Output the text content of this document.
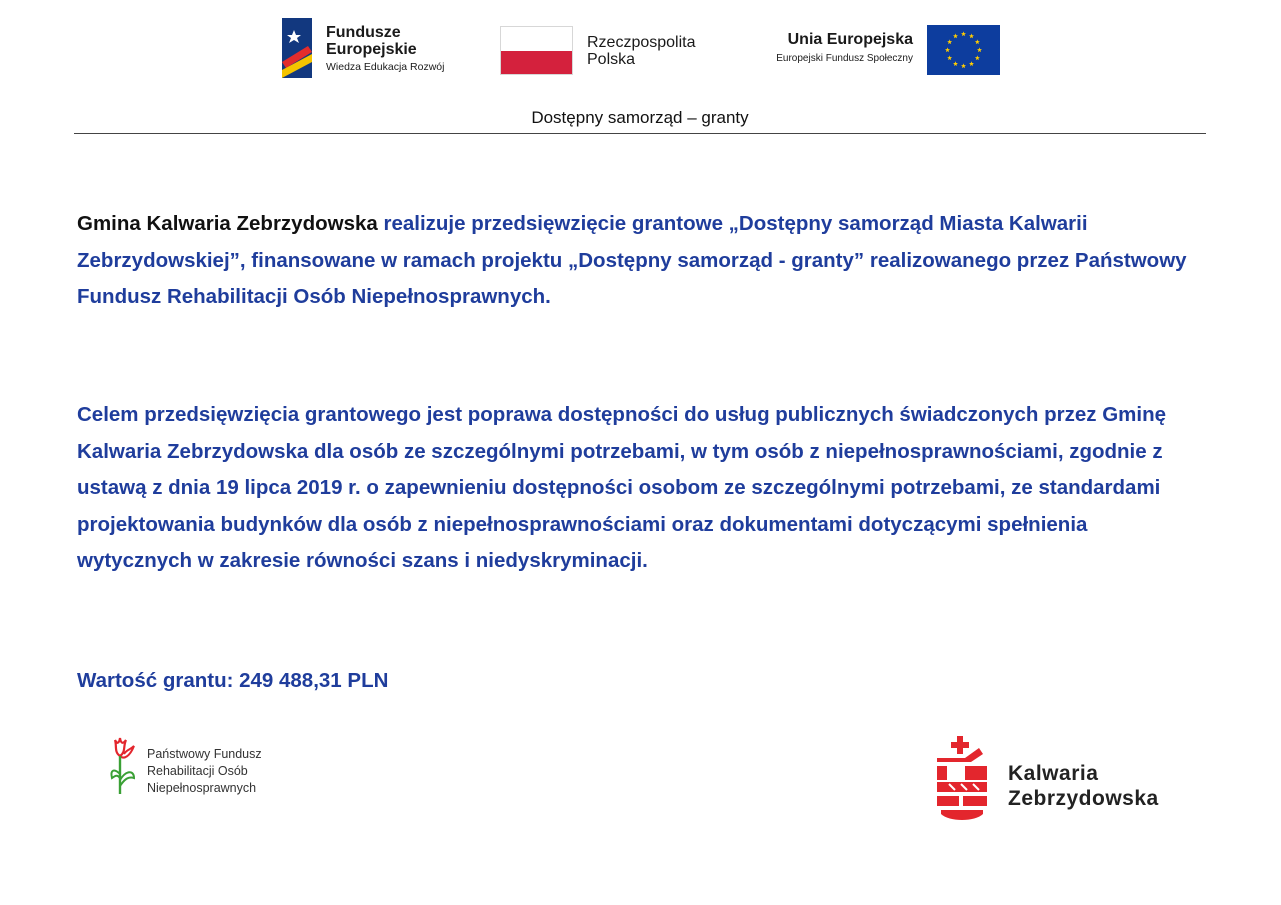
Fundusze
Europejskie
Wiedza Edukacja Rozwój
Rzeczpospolita
Polska
Unia Europejska
Europejski Fundusz Społeczny
Dostępny samorząd – granty

Gmina Kalwaria Zebrzydowska realizuje przedsięwzięcie grantowe „Dostępny samorząd Miasta Kalwarii Zebrzydowskiej”, finansowane w ramach projektu „Dostępny samorząd - granty” realizowanego przez Państwowy Fundusz Rehabilitacji Osób Niepełnosprawnych.

Celem przedsięwzięcia grantowego jest poprawa dostępności do usług publicznych świadczonych przez Gminę Kalwaria Zebrzydowska dla osób ze szczególnymi potrzebami, w tym osób z niepełnosprawnościami, zgodnie z ustawą z dnia 19 lipca 2019 r. o zapewnieniu dostępności osobom ze szczególnymi potrzebami, ze standardami projektowania budynków dla osób z niepełnosprawnościami oraz dokumentami dotyczącymi spełnienia wytycznych w zakresie równości szans i niedyskryminacji.

Wartość grantu: 249 488,31 PLN

Państwowy Fundusz
Rehabilitacji Osób
Niepełnosprawnych
Kalwaria
Zebrzydowska
